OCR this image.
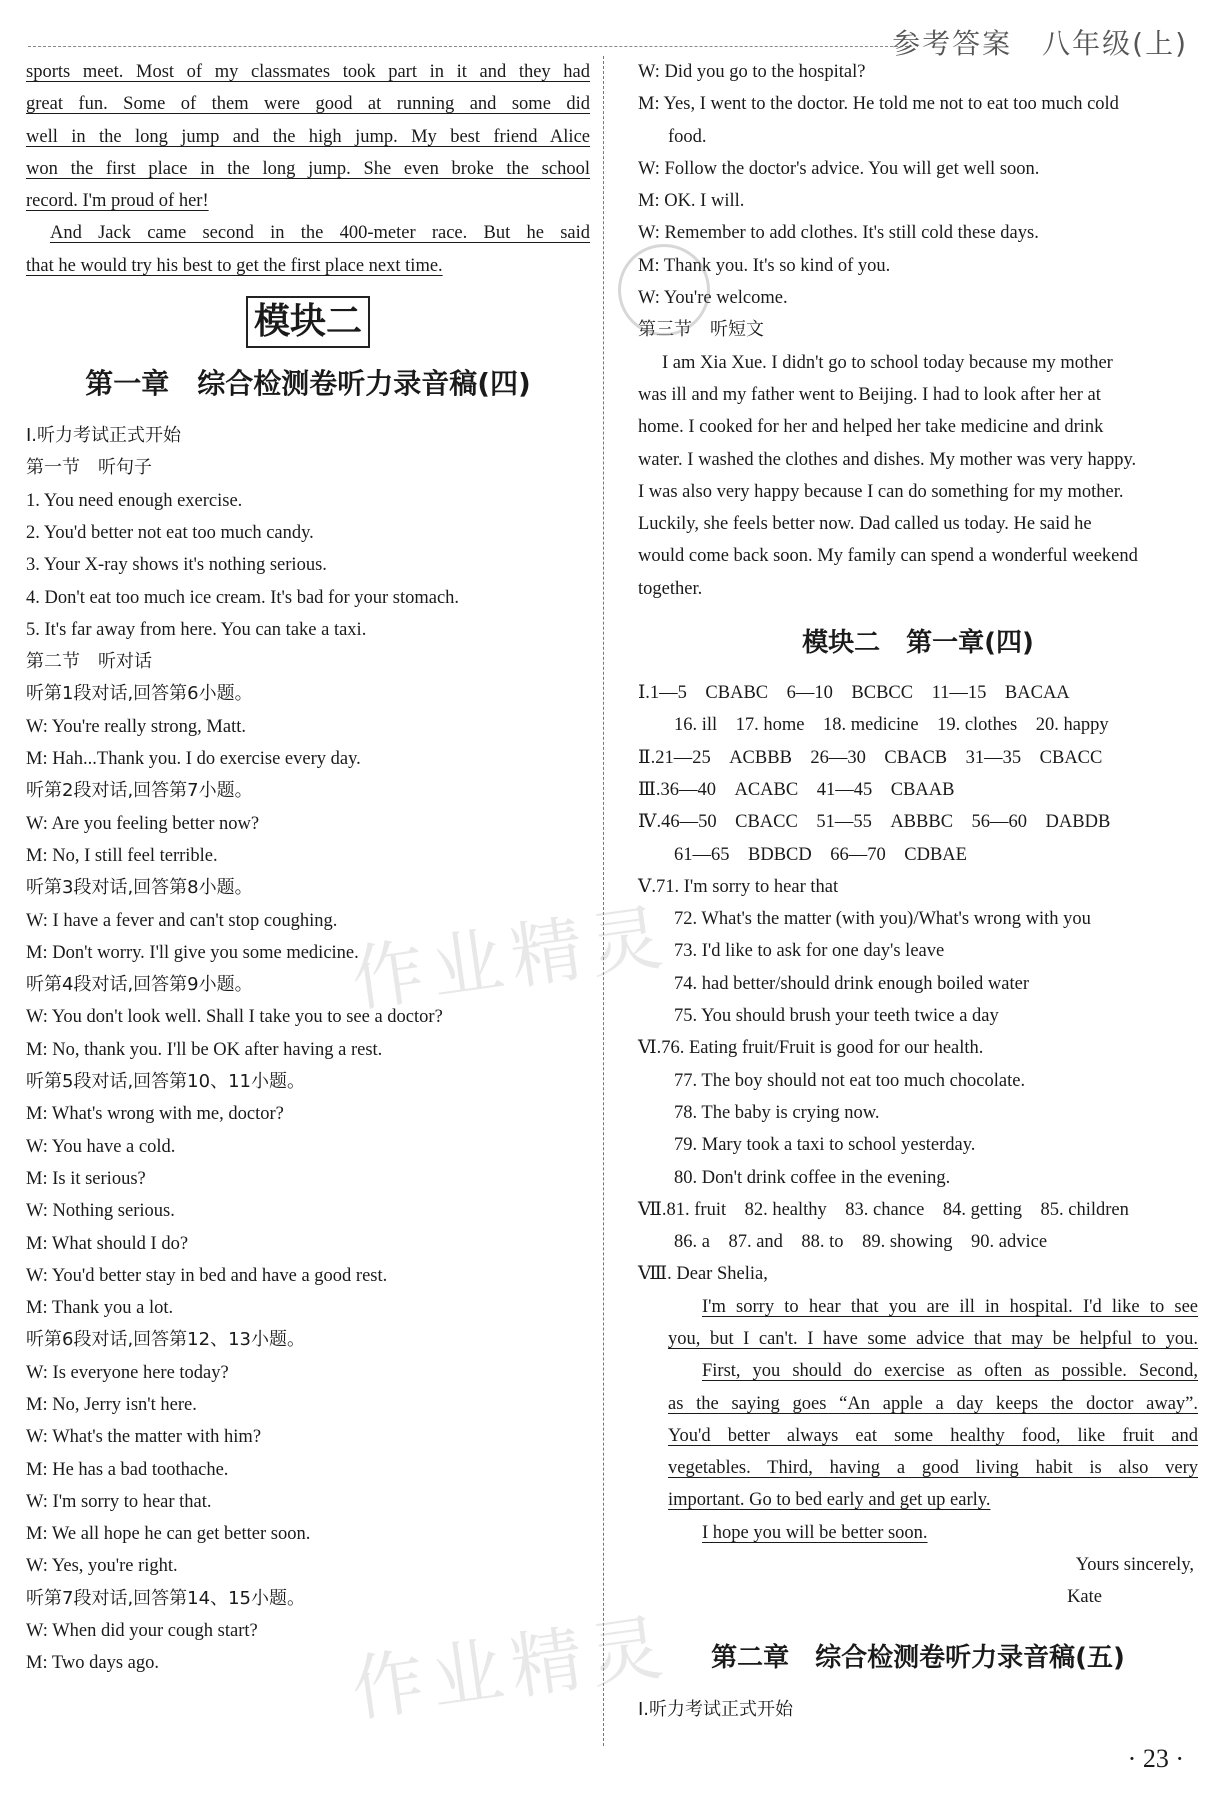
参考答案　八年级(上)
sports meet. Most of my classmates took part in it and they had
great fun. Some of them were good at running and some did
well in the long jump and the high jump. My best friend Alice
won the first place in the long jump. She even broke the school
record. I'm proud of her!
And Jack came second in the 400-meter race. But he said
that he would try his best to get the first place next time.
模块二
第一章　综合检测卷听力录音稿(四)
Ⅰ.听力考试正式开始
第一节　听句子
1. You need enough exercise.
2. You'd better not eat too much candy.
3. Your X-ray shows it's nothing serious.
4. Don't eat too much ice cream. It's bad for your stomach.
5. It's far away from here. You can take a taxi.
第二节　听对话
听第1段对话,回答第6小题。
W: You're really strong, Matt.
M: Hah...Thank you. I do exercise every day.
听第2段对话,回答第7小题。
W: Are you feeling better now?
M: No, I still feel terrible.
听第3段对话,回答第8小题。
W: I have a fever and can't stop coughing.
M: Don't worry. I'll give you some medicine.
听第4段对话,回答第9小题。
W: You don't look well. Shall I take you to see a doctor?
M: No, thank you. I'll be OK after having a rest.
听第5段对话,回答第10、11小题。
M: What's wrong with me, doctor?
W: You have a cold.
M: Is it serious?
W: Nothing serious.
M: What should I do?
W: You'd better stay in bed and have a good rest.
M: Thank you a lot.
听第6段对话,回答第12、13小题。
W: Is everyone here today?
M: No, Jerry isn't here.
W: What's the matter with him?
M: He has a bad toothache.
W: I'm sorry to hear that.
M: We all hope he can get better soon.
W: Yes, you're right.
听第7段对话,回答第14、15小题。
W: When did your cough start?
M: Two days ago.
W: Did you go to the hospital?
M: Yes, I went to the doctor. He told me not to eat too much cold
food.
W: Follow the doctor's advice. You will get well soon.
M: OK. I will.
W: Remember to add clothes. It's still cold these days.
M: Thank you. It's so kind of you.
W: You're welcome.
第三节　听短文
I am Xia Xue. I didn't go to school today because my mother
was ill and my father went to Beijing. I had to look after her at
home. I cooked for her and helped her take medicine and drink
water. I washed the clothes and dishes. My mother was very happy.
I was also very happy because I can do something for my mother.
Luckily, she feels better now. Dad called us today. He said he
would come back soon. My family can spend a wonderful weekend
together.
模块二　第一章(四)
Ⅰ.1—5　CBABC　6—10　BCBCC　11—15　BACAA
16. ill　17. home　18. medicine　19. clothes　20. happy
Ⅱ.21—25　ACBBB　26—30　CBACB　31—35　CBACC
Ⅲ.36—40　ACABC　41—45　CBAAB
Ⅳ.46—50　CBACC　51—55　ABBBC　56—60　DABDB
61—65　BDBCD　66—70　CDBAE
Ⅴ.71. I'm sorry to hear that
72. What's the matter (with you)/What's wrong with you
73. I'd like to ask for one day's leave
74. had better/should drink enough boiled water
75. You should brush your teeth twice a day
Ⅵ.76. Eating fruit/Fruit is good for our health.
77. The boy should not eat too much chocolate.
78. The baby is crying now.
79. Mary took a taxi to school yesterday.
80. Don't drink coffee in the evening.
Ⅶ.81. fruit　82. healthy　83. chance　84. getting　85. children
86. a　87. and　88. to　89. showing　90. advice
Ⅷ. Dear Shelia,
I'm sorry to hear that you are ill in hospital. I'd like to see
you, but I can't. I have some advice that may be helpful to you.
First, you should do exercise as often as possible. Second,
as the saying goes “An apple a day keeps the doctor away”.
You'd better always eat some healthy food, like fruit and
vegetables. Third, having a good living habit is also very
important. Go to bed early and get up early.
I hope you will be better soon.
Yours sincerely,
Kate
第二章　综合检测卷听力录音稿(五)
Ⅰ.听力考试正式开始
作业精灵
作业精灵
· 23 ·
